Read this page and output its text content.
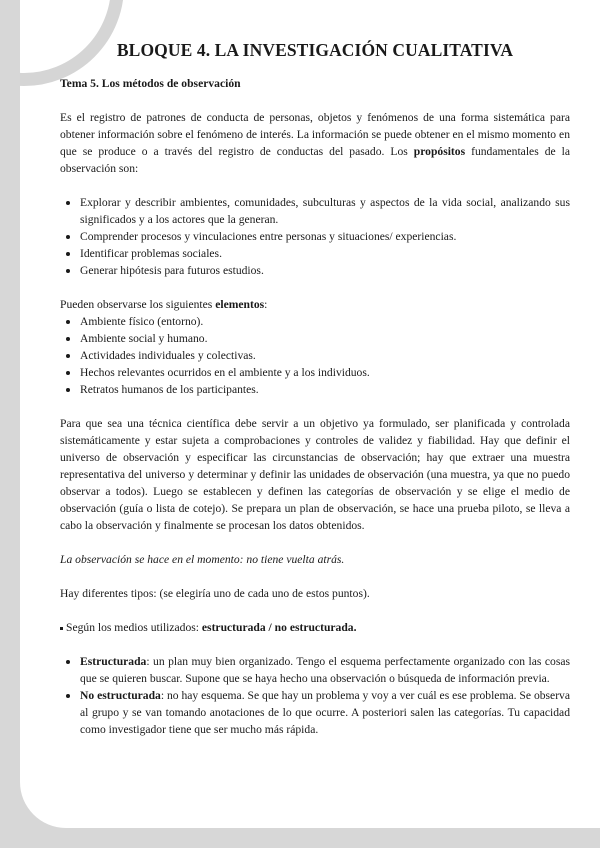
BLOQUE 4. LA INVESTIGACIÓN CUALITATIVA
Tema 5. Los métodos de observación

Es el registro de patrones de conducta de personas, objetos y fenómenos de una forma sistemática para obtener información sobre el fenómeno de interés. La información se puede obtener en el mismo momento en que se produce o a través del registro de conductas del pasado. Los propósitos fundamentales de la observación son:

Explorar y describir ambientes, comunidades, subculturas y aspectos de la vida social, analizando sus significados y a los actores que la generan.
Comprender procesos y vinculaciones entre personas y situaciones/ experiencias.
Identificar problemas sociales.
Generar hipótesis para futuros estudios.

Pueden observarse los siguientes elementos:

Ambiente físico (entorno).
Ambiente social y humano.
Actividades individuales y colectivas.
Hechos relevantes ocurridos en el ambiente y a los individuos.
Retratos humanos de los participantes.

Para que sea una técnica científica debe servir a un objetivo ya formulado, ser planificada y controlada sistemáticamente y estar sujeta a comprobaciones y controles de validez y fiabilidad. Hay que definir el universo de observación y especificar las circunstancias de observación; hay que extraer una muestra representativa del universo y determinar y definir las unidades de observación (una muestra, ya que no puedo observar a todos). Luego se establecen y definen las categorías de observación y se elige el medio de observación (guía o lista de cotejo). Se prepara un plan de observación, se hace una prueba piloto, se lleva a cabo la observación y finalmente se procesan los datos obtenidos.

La observación se hace en el momento: no tiene vuelta atrás.

Hay diferentes tipos: (se elegiría uno de cada uno de estos puntos).

Según los medios utilizados: estructurada / no estructurada.

Estructurada: un plan muy bien organizado. Tengo el esquema perfectamente organizado con las cosas que se quieren buscar. Supone que se haya hecho una observación o búsqueda de información previa.
No estructurada: no hay esquema. Se que hay un problema y voy a ver cuál es ese problema. Se observa al grupo y se van tomando anotaciones de lo que ocurre. A posteriori salen las categorías. Tu capacidad como investigador tiene que ser mucho más rápida.
